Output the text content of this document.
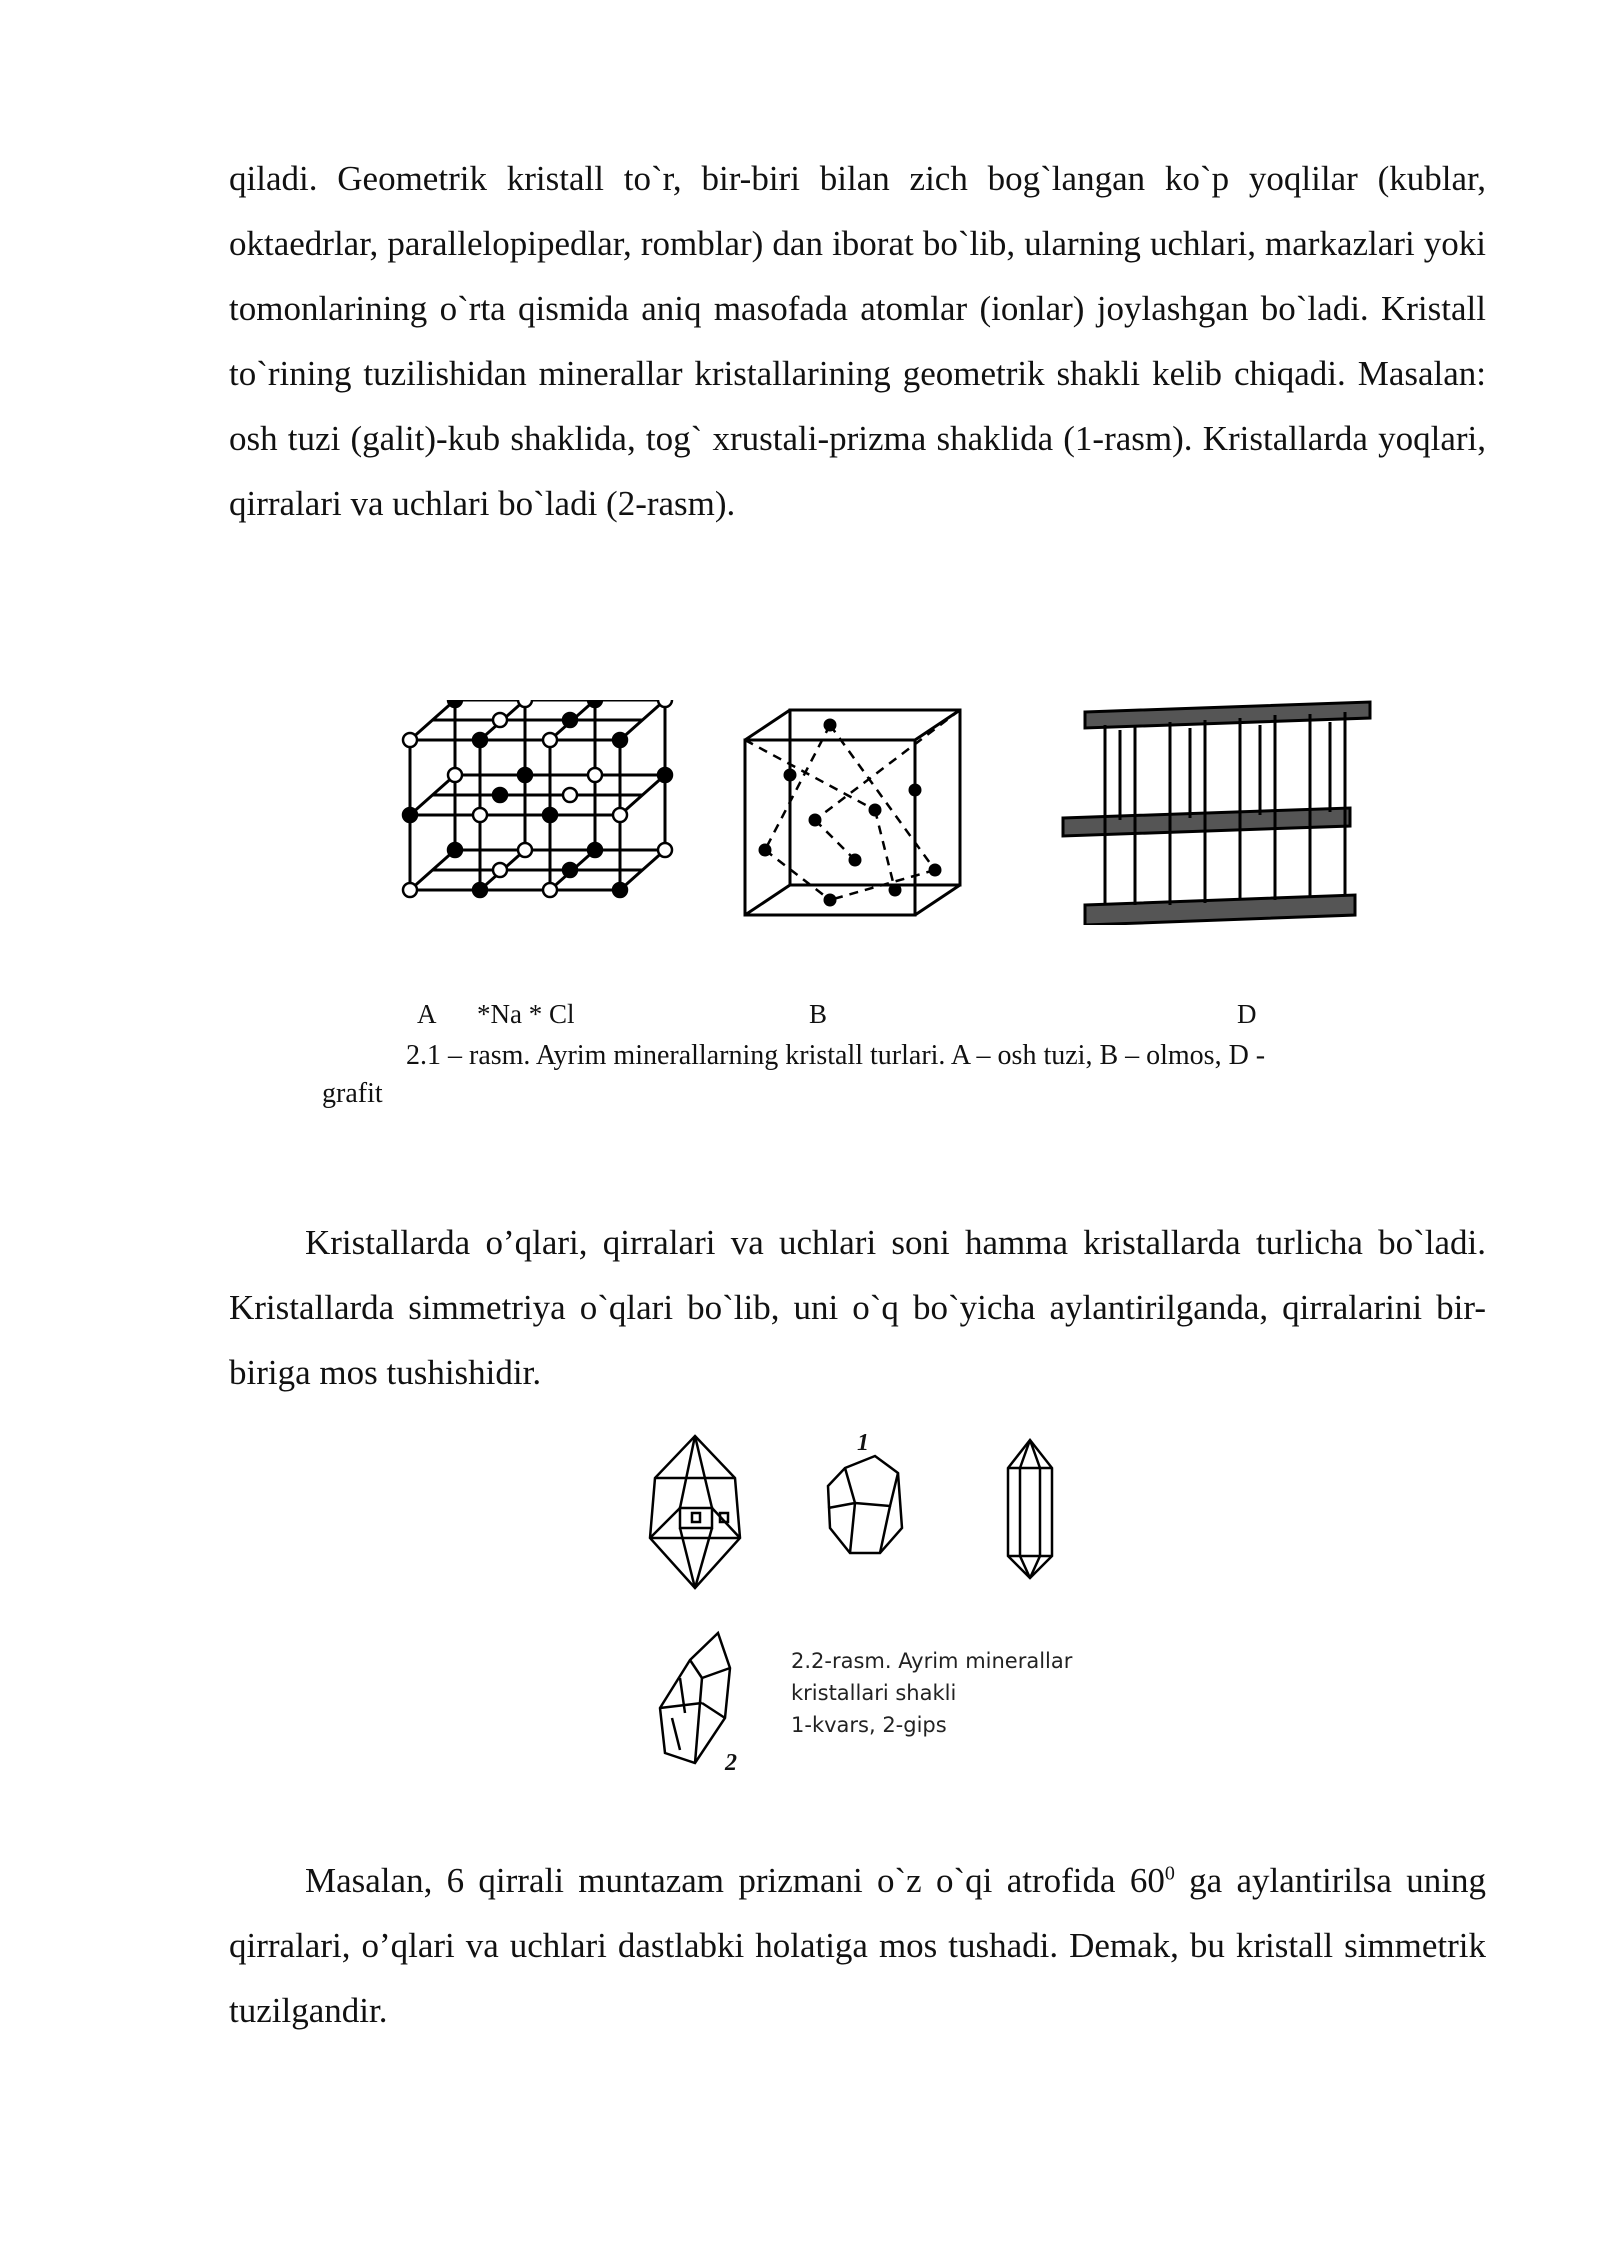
qiladi. Geometrik kristall to`r, bir-biri bilan zich bog`langan ko`p yoqlilar (kublar, oktaedrlar, parallelopipedlar, romblar) dan iborat bo`lib, ularning uchlari, markazlari yoki tomonlarining o`rta qismida aniq masofada atomlar (ionlar) joylashgan bo`ladi. Kristall to`rining tuzilishidan minerallar kristallarining geometrik shakli kelib chiqadi. Masalan: osh tuzi (galit)-kub shaklida, tog` xrustali-prizma shaklida (1-rasm). Kristallarda yoqlari, qirralari va uchlari bo`ladi (2-rasm).

A *Na * Cl	B	D
2.1 – rasm. Ayrim minerallarning kristall turlari. A – osh tuzi, B – olmos, D -
grafit

Kristallarda o’qlari, qirralari va uchlari soni hamma kristallarda turlicha bo`ladi. Kristallarda simmetriya o`qlari bo`lib, uni o`q bo`yicha aylantirilganda, qirralarini bir-biriga mos tushishidir.

1
2
2.2-rasm. Ayrim minerallar
kristallari shakli
1-kvars, 2-gips

Masalan, 6 qirrali muntazam prizmani o`z o`qi atrofida $60^0$ ga aylantirilsa uning qirralari, o’qlari va uchlari dastlabki holatiga mos tushadi. Demak, bu kristall simmetrik tuzilgandir.
